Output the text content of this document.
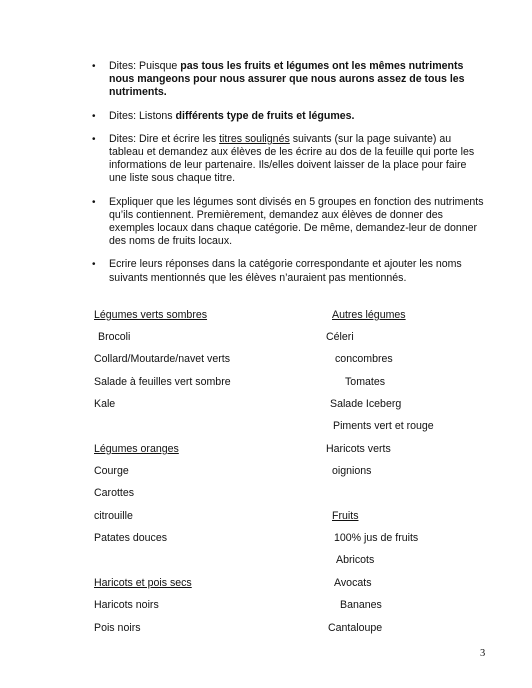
•	Dites: Puisque pas tous les fruits et légumes ont les mêmes nutriments nous mangeons pour nous assurer que nous aurons assez de tous les nutriments.
•	Dites: Listons différents type de fruits et légumes.
•	Dites: Dire et écrire les titres soulignés suivants (sur la page suivante) au tableau et demandez aux élèves de les écrire au dos de la feuille qui porte les informations de leur partenaire. Ils/elles doivent laisser de la place pour faire une liste sous chaque titre.
•	Expliquer que les légumes sont divisés en 5 groupes en fonction des nutriments qu’ils contiennent. Premièrement, demandez aux élèves de donner des exemples locaux dans chaque catégorie. De même, demandez-leur de donner des noms de fruits locaux.
•	Ecrire leurs réponses dans la catégorie correspondante et ajouter les noms suivants mentionnés que les élèves n’auraient pas mentionnés.
Légumes verts sombres
Brocoli
Collard/Moutarde/navet verts
Salade à feuilles vert sombre
Kale
Légumes oranges
Courge
Carottes
citrouille
Patates douces
Haricots et pois secs
Haricots noirs
Pois noirs
Autres légumes
Céleri
concombres
Tomates
Salade Iceberg
Piments vert et rouge
Haricots verts
oignions
Fruits
100% jus de fruits
Abricots
Avocats
Bananes
Cantaloupe
3
